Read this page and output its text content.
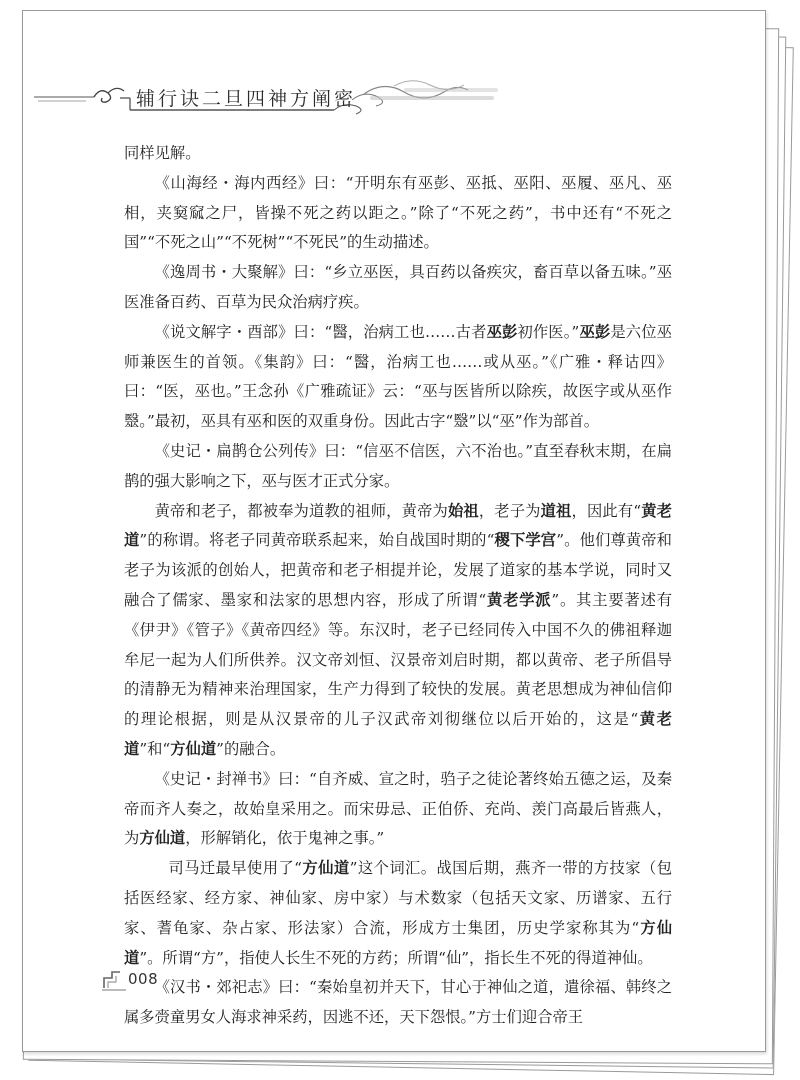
辅行诀二旦四神方阐密

同样见解。

《山海经・海内西经》曰：“开明东有巫彭、巫抵、巫阳、巫履、巫凡、巫相，夹窫窳之尸，皆操不死之药以距之。”除了“不死之药”，书中还有“不死之国”“不死之山”“不死树”“不死民”的生动描述。

《逸周书・大聚解》曰：“乡立巫医，具百药以备疾灾，畜百草以备五味。”巫医准备百药、百草为民众治病疗疾。

《说文解字・酉部》曰：“醫，治病工也……古者巫彭初作医。”巫彭是六位巫师兼医生的首领。《集韵》曰：“醫，治病工也……或从巫。”《广雅・释诂四》曰：“医，巫也。”王念孙《广雅疏证》云：“巫与医皆所以除疾，故医字或从巫作毉。”最初，巫具有巫和医的双重身份。因此古字“毉”以“巫”作为部首。

《史记・扁鹊仓公列传》曰：“信巫不信医，六不治也。”直至春秋末期，在扁鹊的强大影响之下，巫与医才正式分家。

黄帝和老子，都被奉为道教的祖师，黄帝为始祖，老子为道祖，因此有“黄老道”的称谓。将老子同黄帝联系起来，始自战国时期的“稷下学宫”。他们尊黄帝和老子为该派的创始人，把黄帝和老子相提并论，发展了道家的基本学说，同时又融合了儒家、墨家和法家的思想内容，形成了所谓“黄老学派”。其主要著述有《伊尹》《管子》《黄帝四经》等。东汉时，老子已经同传入中国不久的佛祖释迦牟尼一起为人们所供养。汉文帝刘恒、汉景帝刘启时期，都以黄帝、老子所倡导的清静无为精神来治理国家，生产力得到了较快的发展。黄老思想成为神仙信仰的理论根据，则是从汉景帝的儿子汉武帝刘彻继位以后开始的，这是“黄老道”和“方仙道”的融合。

《史记・封禅书》曰：“自齐威、宣之时，驺子之徒论著终始五德之运，及秦帝而齐人奏之，故始皇采用之。而宋毋忌、正伯侨、充尚、羡门高最后皆燕人，为方仙道，形解销化，依于鬼神之事。”

司马迁最早使用了“方仙道”这个词汇。战国后期，燕齐一带的方技家（包括医经家、经方家、神仙家、房中家）与术数家（包括天文家、历谱家、五行家、蓍龟家、杂占家、形法家）合流，形成方士集团，历史学家称其为“方仙道”。所谓“方”，指使人长生不死的方药；所谓“仙”，指长生不死的得道神仙。

《汉书・郊祀志》曰：“秦始皇初并天下，甘心于神仙之道，遣徐福、韩终之属多赍童男女人海求神采药，因逃不还，天下怨恨。”方士们迎合帝王

008
